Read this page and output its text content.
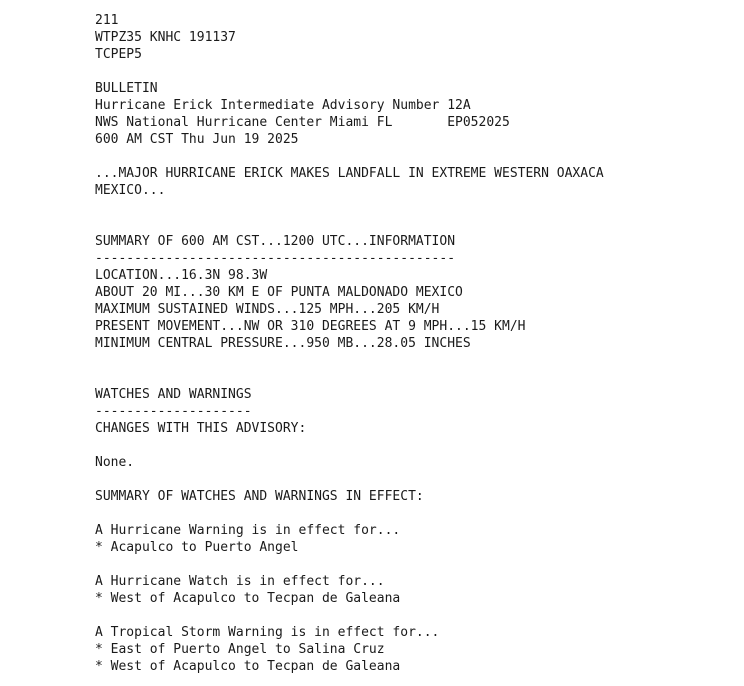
211
WTPZ35 KNHC 191137
TCPEP5
BULLETIN
Hurricane Erick Intermediate Advisory Number 12A
NWS National Hurricane Center Miami FL       EP052025
600 AM CST Thu Jun 19 2025
...MAJOR HURRICANE ERICK MAKES LANDFALL IN EXTREME WESTERN OAXACA
MEXICO...
SUMMARY OF 600 AM CST...1200 UTC...INFORMATION
----------------------------------------------
LOCATION...16.3N 98.3W
ABOUT 20 MI...30 KM E OF PUNTA MALDONADO MEXICO
MAXIMUM SUSTAINED WINDS...125 MPH...205 KM/H
PRESENT MOVEMENT...NW OR 310 DEGREES AT 9 MPH...15 KM/H
MINIMUM CENTRAL PRESSURE...950 MB...28.05 INCHES
WATCHES AND WARNINGS
--------------------
CHANGES WITH THIS ADVISORY:
None.
SUMMARY OF WATCHES AND WARNINGS IN EFFECT:
A Hurricane Warning is in effect for...
* Acapulco to Puerto Angel
A Hurricane Watch is in effect for...
* West of Acapulco to Tecpan de Galeana
A Tropical Storm Warning is in effect for...
* East of Puerto Angel to Salina Cruz
* West of Acapulco to Tecpan de Galeana
